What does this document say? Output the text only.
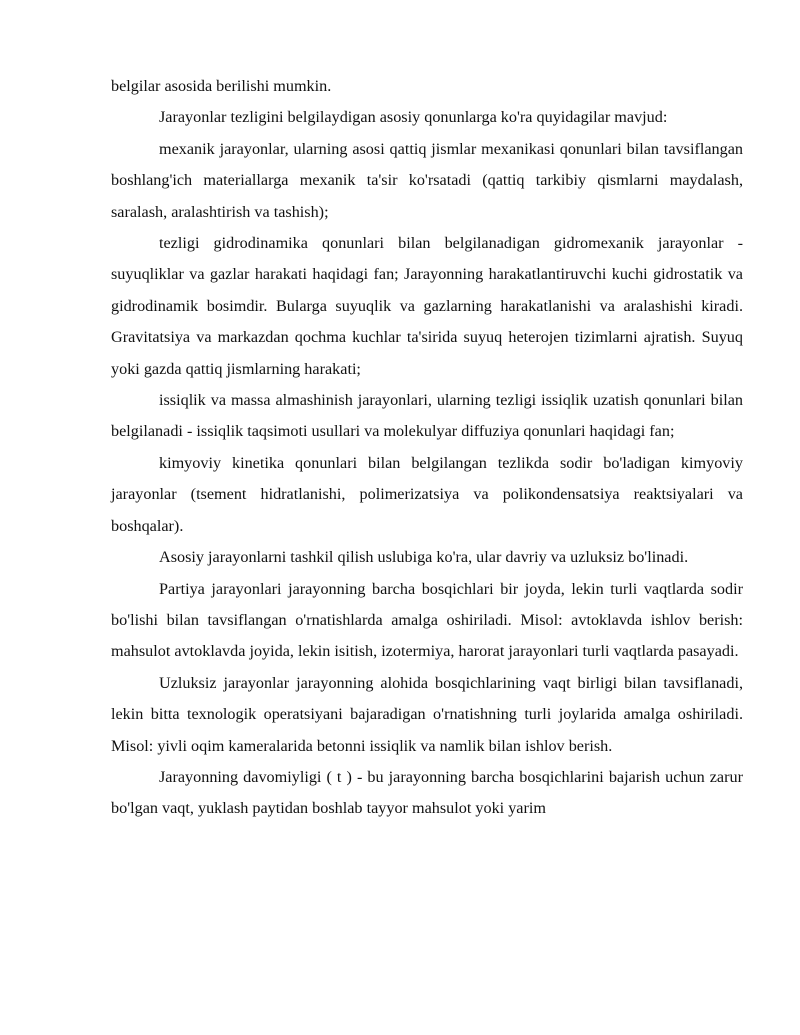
belgilar asosida berilishi mumkin.

Jarayonlar tezligini belgilaydigan asosiy qonunlarga ko'ra quyidagilar mavjud:

mexanik jarayonlar, ularning asosi qattiq jismlar mexanikasi qonunlari bilan tavsiflangan boshlang'ich materiallarga mexanik ta'sir ko'rsatadi (qattiq tarkibiy qismlarni maydalash, saralash, aralashtirish va tashish);

tezligi gidrodinamika qonunlari bilan belgilanadigan gidromexanik jarayonlar - suyuqliklar va gazlar harakati haqidagi fan; Jarayonning harakatlantiruvchi kuchi gidrostatik va gidrodinamik bosimdir. Bularga suyuqlik va gazlarning harakatlanishi va aralashishi kiradi. Gravitatsiya va markazdan qochma kuchlar ta'sirida suyuq heterojen tizimlarni ajratish. Suyuq yoki gazda qattiq jismlarning harakati;

issiqlik va massa almashinish jarayonlari, ularning tezligi issiqlik uzatish qonunlari bilan belgilanadi - issiqlik taqsimoti usullari va molekulyar diffuziya qonunlari haqidagi fan;

kimyoviy kinetika qonunlari bilan belgilangan tezlikda sodir bo'ladigan kimyoviy jarayonlar (tsement hidratlanishi, polimerizatsiya va polikondensatsiya reaktsiyalari va boshqalar).

Asosiy jarayonlarni tashkil qilish uslubiga ko'ra, ular davriy va uzluksiz bo'linadi.

Partiya jarayonlari jarayonning barcha bosqichlari bir joyda, lekin turli vaqtlarda sodir bo'lishi bilan tavsiflangan o'rnatishlarda amalga oshiriladi. Misol: avtoklavda ishlov berish: mahsulot avtoklavda joyida, lekin isitish, izotermiya, harorat jarayonlari turli vaqtlarda pasayadi.

Uzluksiz jarayonlar jarayonning alohida bosqichlarining vaqt birligi bilan tavsiflanadi, lekin bitta texnologik operatsiyani bajaradigan o'rnatishning turli joylarida amalga oshiriladi. Misol: yivli oqim kameralarida betonni issiqlik va namlik bilan ishlov berish.

Jarayonning davomiyligi ( t ) - bu jarayonning barcha bosqichlarini bajarish uchun zarur bo'lgan vaqt, yuklash paytidan boshlab tayyor mahsulot yoki yarim
